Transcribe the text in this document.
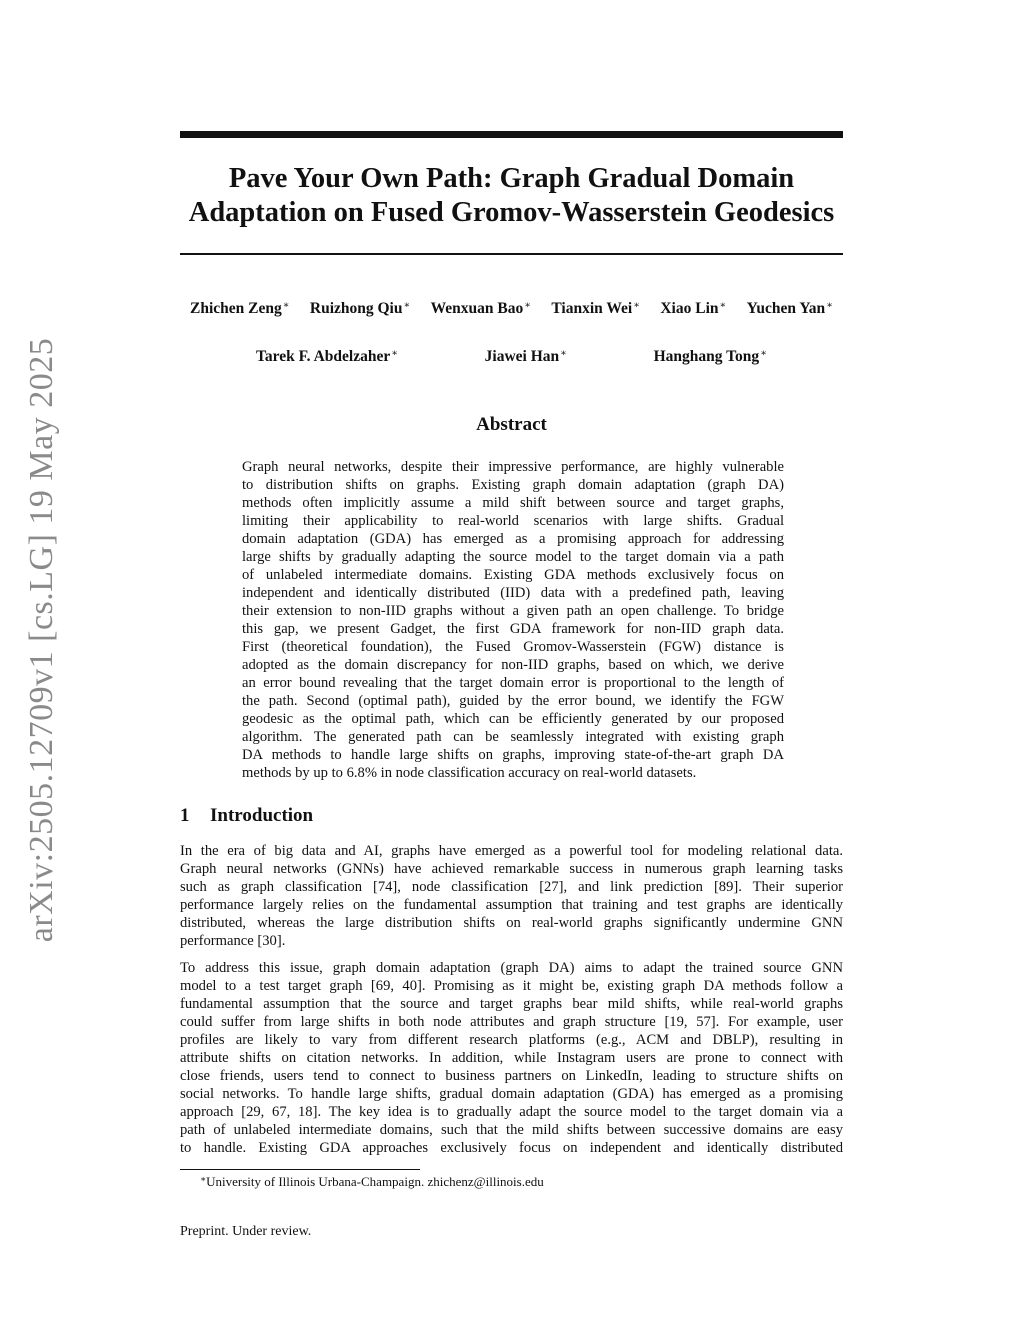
arXiv:2505.12709v1 [cs.LG] 19 May 2025
Pave Your Own Path: Graph Gradual Domain
Adaptation on Fused Gromov-Wasserstein Geodesics
Zhichen Zeng∗ Ruizhong Qiu∗ Wenxuan Bao∗ Tianxin Wei∗ Xiao Lin∗ Yuchen Yan∗
Tarek F. Abdelzaher∗	Jiawei Han∗	Hanghang Tong∗
Abstract

Graph neural networks, despite their impressive performance, are highly vulnerable
to distribution shifts on graphs. Existing graph domain adaptation (graph DA)
methods often implicitly assume a mild shift between source and target graphs,
limiting their applicability to real-world scenarios with large shifts. Gradual
domain adaptation (GDA) has emerged as a promising approach for addressing
large shifts by gradually adapting the source model to the target domain via a path
of unlabeled intermediate domains. Existing GDA methods exclusively focus on
independent and identically distributed (IID) data with a predefined path, leaving
their extension to non-IID graphs without a given path an open challenge. To bridge
this gap, we present Gadget, the first GDA framework for non-IID graph data.
First (theoretical foundation), the Fused Gromov-Wasserstein (FGW) distance is
adopted as the domain discrepancy for non-IID graphs, based on which, we derive
an error bound revealing that the target domain error is proportional to the length of
the path. Second (optimal path), guided by the error bound, we identify the FGW
geodesic as the optimal path, which can be efficiently generated by our proposed
algorithm. The generated path can be seamlessly integrated with existing graph
DA methods to handle large shifts on graphs, improving state-of-the-art graph DA
methods by up to 6.8% in node classification accuracy on real-world datasets.

1 Introduction

In the era of big data and AI, graphs have emerged as a powerful tool for modeling relational data.
Graph neural networks (GNNs) have achieved remarkable success in numerous graph learning tasks
such as graph classification [74], node classification [27], and link prediction [89]. Their superior
performance largely relies on the fundamental assumption that training and test graphs are identically
distributed, whereas the large distribution shifts on real-world graphs significantly undermine GNN
performance [30].

To address this issue, graph domain adaptation (graph DA) aims to adapt the trained source GNN
model to a test target graph [69, 40]. Promising as it might be, existing graph DA methods follow a
fundamental assumption that the source and target graphs bear mild shifts, while real-world graphs
could suffer from large shifts in both node attributes and graph structure [19, 57]. For example, user
profiles are likely to vary from different research platforms (e.g., ACM and DBLP), resulting in
attribute shifts on citation networks. In addition, while Instagram users are prone to connect with
close friends, users tend to connect to business partners on LinkedIn, leading to structure shifts on
social networks. To handle large shifts, gradual domain adaptation (GDA) has emerged as a promising
approach [29, 67, 18]. The key idea is to gradually adapt the source model to the target domain via a
path of unlabeled intermediate domains, such that the mild shifts between successive domains are easy
to handle. Existing GDA approaches exclusively focus on independent and identically distributed

∗University of Illinois Urbana-Champaign. zhichenz@illinois.edu

Preprint. Under review.
